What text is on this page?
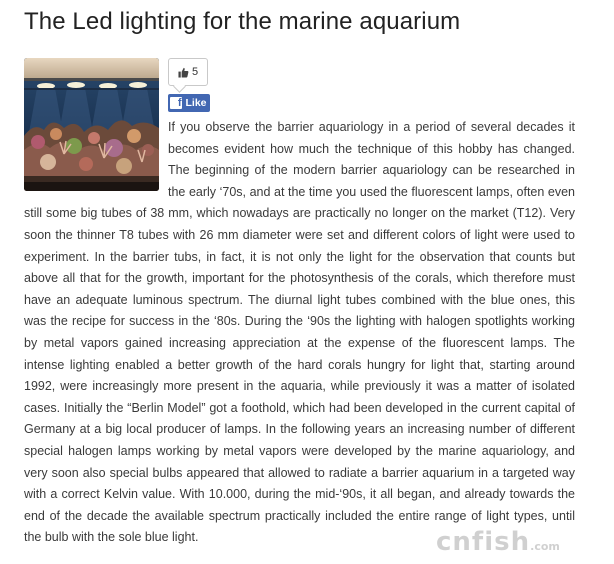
The Led lighting for the marine aquarium
5
f Like

If you observe the barrier aquariology in a period of several decades it becomes evident how much the technique of this hobby has changed. The beginning of the modern barrier aquariology can be researched in the early ‘70s, and at the time you used the fluorescent lamps, often even still some big tubes of 38 mm, which nowadays are practically no longer on the market (T12). Very soon the thinner T8 tubes with 26 mm diameter were set and different colors of light were used to experiment. In the barrier tubs, in fact, it is not only the light for the observation that counts but above all that for the growth, important for the photosynthesis of the corals, which therefore must have an adequate luminous spectrum. The diurnal light tubes combined with the blue ones, this was the recipe for success in the ‘80s. During the ‘90s the lighting with halogen spotlights working by metal vapors gained increasing appreciation at the expense of the fluorescent lamps. The intense lighting enabled a better growth of the hard corals hungry for light that, starting around 1992, were increasingly more present in the aquaria, while previously it was a matter of isolated cases. Initially the “Berlin Model” got a foothold, which had been developed in the current capital of Germany at a big local producer of lamps. In the following years an increasing number of different special halogen lamps working by metal vapors were developed by the marine aquariology, and very soon also special bulbs appeared that allowed to radiate a barrier aquarium in a targeted way with a correct Kelvin value. With 10.000, during the mid-‘90s, it all began, and already towards the end of the decade the available spectrum practically included the entire range of light types, until the bulb with the sole blue light.	cnfish.com
